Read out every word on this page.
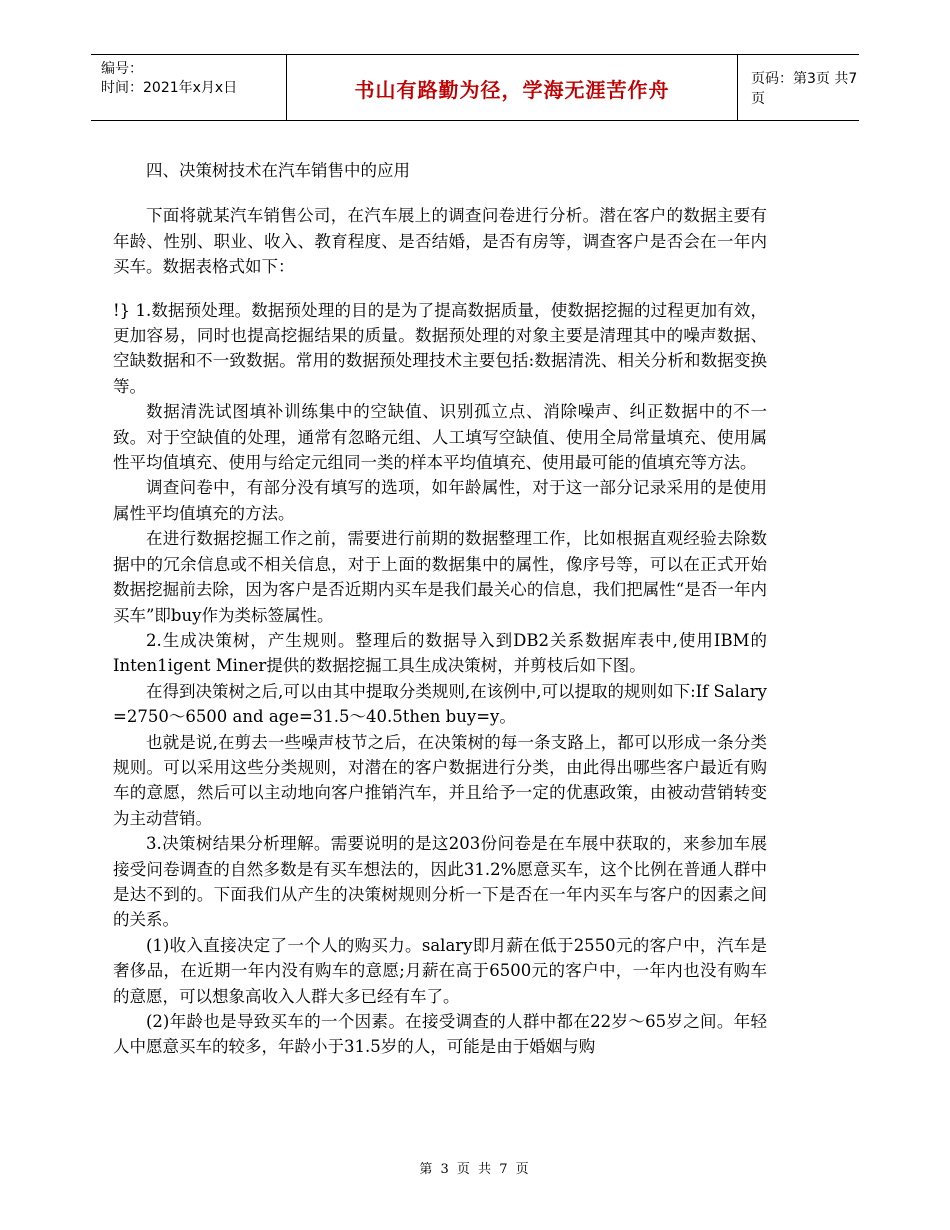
编号：
时间：2021年x月x日	书山有路勤为径，学海无涯苦作舟	页码：第3页 共7页
四、决策树技术在汽车销售中的应用

下面将就某汽车销售公司，在汽车展上的调查问卷进行分析。潜在客户的数据主要有年龄、性别、职业、收入、教育程度、是否结婚，是否有房等，调查客户是否会在一年内买车。数据表格式如下：

!} 1.数据预处理。数据预处理的目的是为了提高数据质量，使数据挖掘的过程更加有效，更加容易，同时也提高挖掘结果的质量。数据预处理的对象主要是清理其中的噪声数据、空缺数据和不一致数据。常用的数据预处理技术主要包括:数据清洗、相关分析和数据变换等。

数据清洗试图填补训练集中的空缺值、识别孤立点、消除噪声、纠正数据中的不一致。对于空缺值的处理，通常有忽略元组、人工填写空缺值、使用全局常量填充、使用属性平均值填充、使用与给定元组同一类的样本平均值填充、使用最可能的值填充等方法。

调查问卷中，有部分没有填写的选项，如年龄属性，对于这一部分记录采用的是使用属性平均值填充的方法。

在进行数据挖掘工作之前，需要进行前期的数据整理工作，比如根据直观经验去除数据中的冗余信息或不相关信息，对于上面的数据集中的属性，像序号等，可以在正式开始数据挖掘前去除，因为客户是否近期内买车是我们最关心的信息，我们把属性“是否一年内买车”即buy作为类标签属性。

2.生成决策树，产生规则。整理后的数据导入到DB2关系数据库表中,使用IBM的Inten1igent Miner提供的数据挖掘工具生成决策树，并剪枝后如下图。

在得到决策树之后,可以由其中提取分类规则,在该例中,可以提取的规则如下:If Salary =2750～6500 and age=31.5～40.5then buy=y。

也就是说,在剪去一些噪声枝节之后，在决策树的每一条支路上，都可以形成一条分类规则。可以采用这些分类规则，对潜在的客户数据进行分类，由此得出哪些客户最近有购车的意愿，然后可以主动地向客户推销汽车，并且给予一定的优惠政策，由被动营销转变为主动营销。

3.决策树结果分析理解。需要说明的是这203份问卷是在车展中获取的，来参加车展接受问卷调查的自然多数是有买车想法的，因此31.2%愿意买车，这个比例在普通人群中是达不到的。下面我们从产生的决策树规则分析一下是否在一年内买车与客户的因素之间的关系。

(1)收入直接决定了一个人的购买力。salary即月薪在低于2550元的客户中，汽车是奢侈品，在近期一年内没有购车的意愿;月薪在高于6500元的客户中，一年内也没有购车的意愿，可以想象高收入人群大多已经有车了。

(2)年龄也是导致买车的一个因素。在接受调查的人群中都在22岁～65岁之间。年轻人中愿意买车的较多，年龄小于31.5岁的人，可能是由于婚姻与购

第 3 页 共 7 页
